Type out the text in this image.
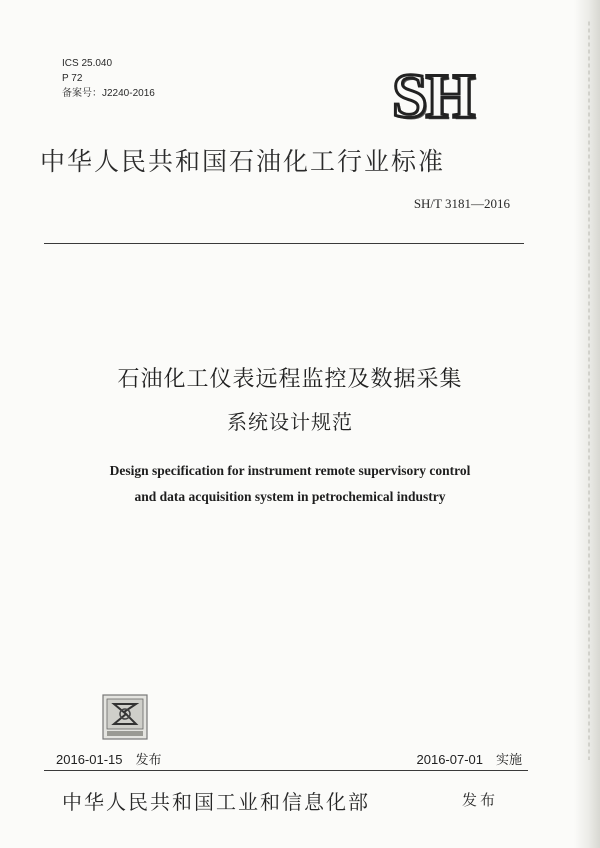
ICS 25.040
P 72
备案号：J2240-2016	SH
中华人民共和国石油化工行业标准
SH/T 3181—2016
石油化工仪表远程监控及数据采集
系统设计规范
Design specification for instrument remote supervisory control
and data acquisition system in petrochemical industry
2016-01-15　发布	2016-07-01　实施
中华人民共和国工业和信息化部	发布
